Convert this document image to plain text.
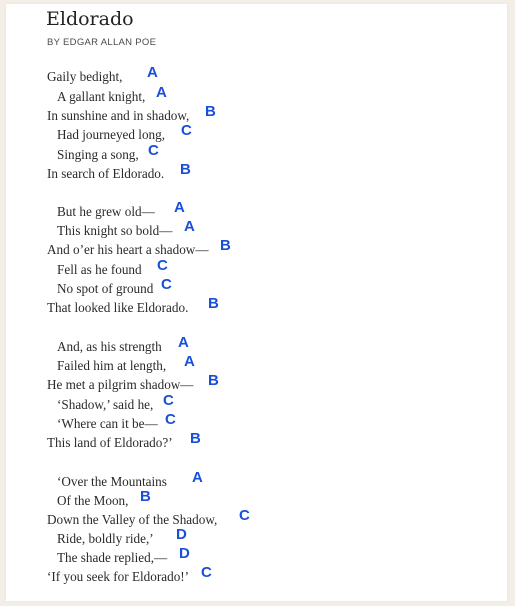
Eldorado
BY EDGAR ALLAN POE
Gaily bedight, A
A gallant knight, A
In sunshine and in shadow, B
Had journeyed long, C
Singing a song, C
In search of Eldorado. B
But he grew old— A
This knight so bold— A
And o’er his heart a shadow— B
Fell as he found C
No spot of ground C
That looked like Eldorado. B
And, as his strength A
Failed him at length, A
He met a pilgrim shadow— B
‘Shadow,’ said he, C
‘Where can it be— C
This land of Eldorado?’ B
‘Over the Mountains A
Of the Moon, B
Down the Valley of the Shadow, C
Ride, boldly ride,’ D
The shade replied,— D
‘If you seek for Eldorado!’ C
